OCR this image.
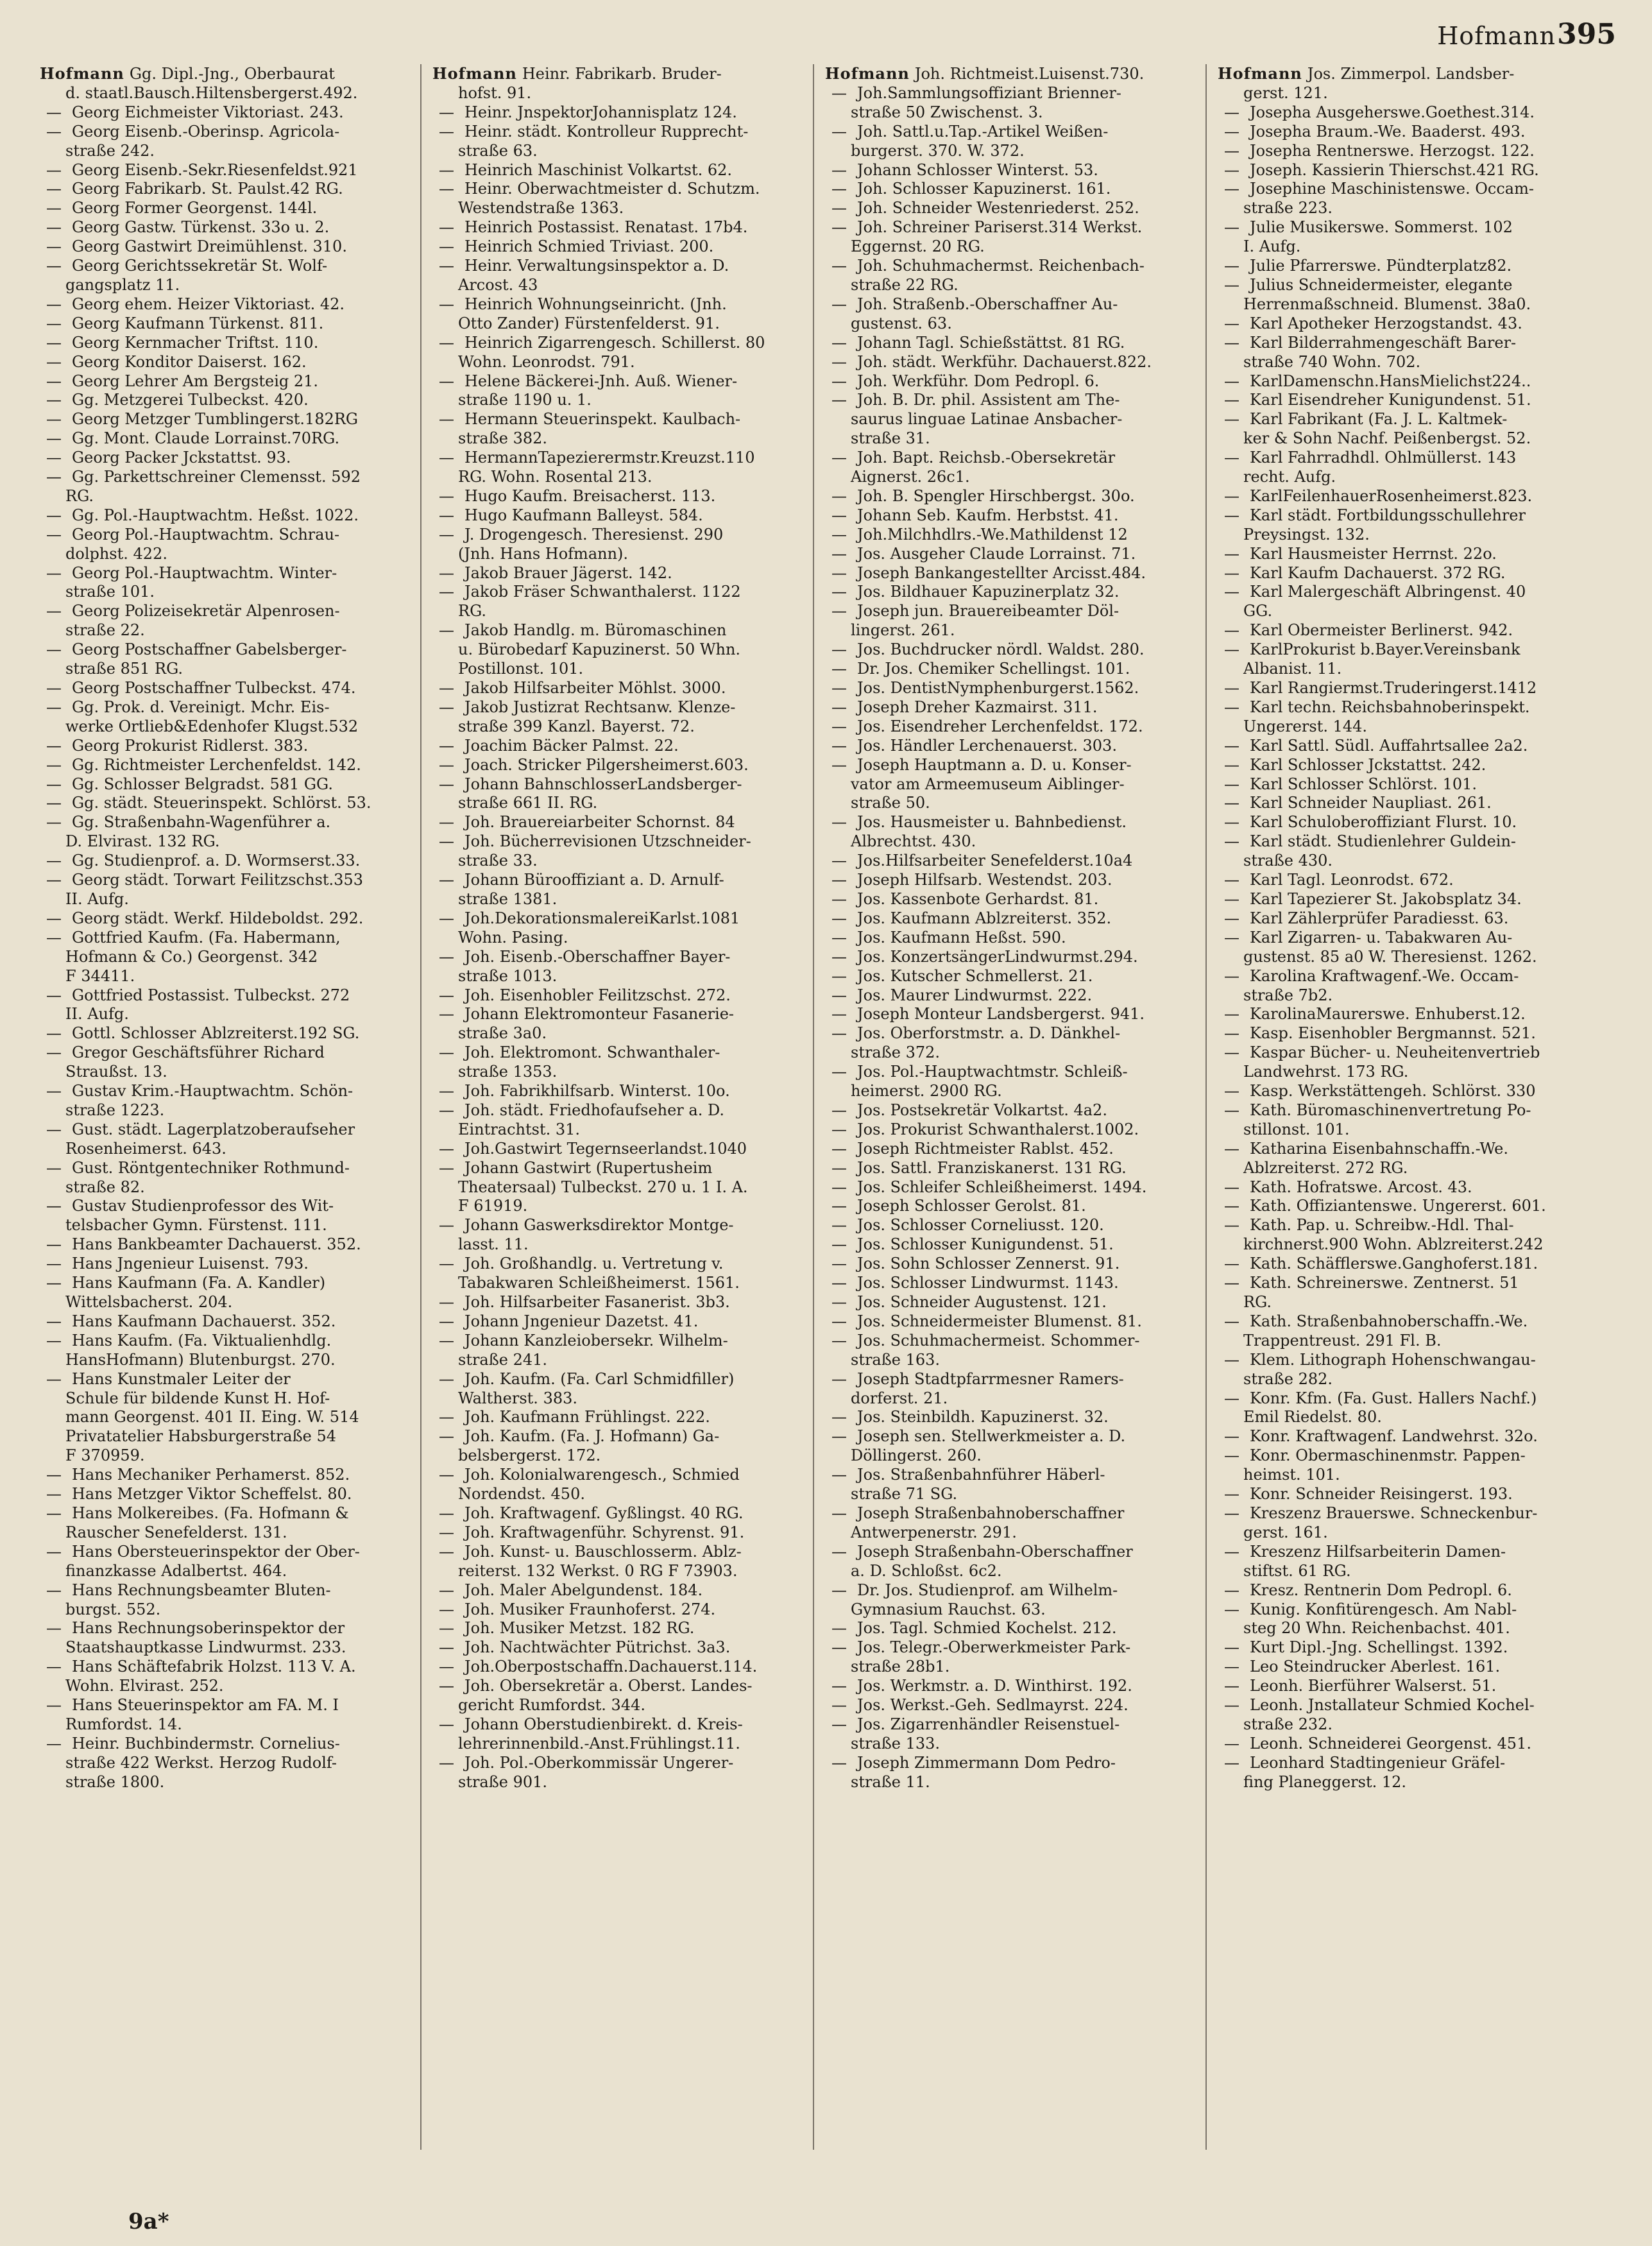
Hofmann 395
Hofmann Gg. Dipl.-Jng., Oberbaurat
d. staatl.Bausch.Hiltensbergerst.492.
— Georg Eichmeister Viktoriast. 243.
— Georg Eisenb.-Oberinsp. Agricola-
straße 242.
— Georg Eisenb.-Sekr.Riesenfeldst.921
— Georg Fabrikarb. St. Paulst.42 RG.
— Georg Former Georgenst. 144l.
— Georg Gastw. Türkenst. 33o u. 2.
— Georg Gastwirt Dreimühlenst. 310.
— Georg Gerichtssekretär St. Wolf-
gangsplatz 11.
— Georg ehem. Heizer Viktoriast. 42.
— Georg Kaufmann Türkenst. 811.
— Georg Kernmacher Triftst. 110.
— Georg Konditor Daiserst. 162.
— Georg Lehrer Am Bergsteig 21.
— Gg. Metzgerei Tulbeckst. 420.
— Georg Metzger Tumblingerst.182RG
— Gg. Mont. Claude Lorrainst.70RG.
— Georg Packer Jckstattst. 93.
— Gg. Parkettschreiner Clemensst. 592
RG.
— Gg. Pol.-Hauptwachtm. Heßst. 1022.
— Georg Pol.-Hauptwachtm. Schrau-
dolphst. 422.
— Georg Pol.-Hauptwachtm. Winter-
straße 101.
— Georg Polizeisekretär Alpenrosen-
straße 22.
— Georg Postschaffner Gabelsberger-
straße 851 RG.
— Georg Postschaffner Tulbeckst. 474.
— Gg. Prok. d. Vereinigt. Mchr. Eis-
werke Ortlieb&Edenhofer Klugst.532
— Georg Prokurist Ridlerst. 383.
— Gg. Richtmeister Lerchenfeldst. 142.
— Gg. Schlosser Belgradst. 581 GG.
— Gg. städt. Steuerinspekt. Schlörst. 53.
— Gg. Straßenbahn-Wagenführer a.
D. Elvirast. 132 RG.
— Gg. Studienprof. a. D. Wormserst.33.
— Georg städt. Torwart Feilitzschst.353
II. Aufg.
— Georg städt. Werkf. Hildeboldst. 292.
— Gottfried Kaufm. (Fa. Habermann,
Hofmann & Co.) Georgenst. 342
F 34411.
— Gottfried Postassist. Tulbeckst. 272
II. Aufg.
— Gottl. Schlosser Ablzreiterst.192 SG.
— Gregor Geschäftsführer Richard
Straußst. 13.
— Gustav Krim.-Hauptwachtm. Schön-
straße 1223.
— Gust. städt. Lagerplatzoberaufseher
Rosenheimerst. 643.
— Gust. Röntgentechniker Rothmund-
straße 82.
— Gustav Studienprofessor des Wit-
telsbacher Gymn. Fürstenst. 111.
— Hans Bankbeamter Dachauerst. 352.
— Hans Jngenieur Luisenst. 793.
— Hans Kaufmann (Fa. A. Kandler)
Wittelsbacherst. 204.
— Hans Kaufmann Dachauerst. 352.
— Hans Kaufm. (Fa. Viktualienhdlg.
HansHofmann) Blutenburgst. 270.
— Hans Kunstmaler Leiter der
Schule für bildende Kunst H. Hof-
mann Georgenst. 401 II. Eing. W. 514
Privatatelier Habsburgerstraße 54
F 370959.
— Hans Mechaniker Perhamerst. 852.
— Hans Metzger Viktor Scheffelst. 80.
— Hans Molkereibes. (Fa. Hofmann &
Rauscher Senefelderst. 131.
— Hans Obersteuerinspektor der Ober-
finanzkasse Adalbertst. 464.
— Hans Rechnungsbeamter Bluten-
burgst. 552.
— Hans Rechnungsoberinspektor der
Staatshauptkasse Lindwurmst. 233.
— Hans Schäftefabrik Holzst. 113 V. A.
Wohn. Elvirast. 252.
— Hans Steuerinspektor am FA. M. I
Rumfordst. 14.
— Heinr. Buchbindermstr. Cornelius-
straße 422 Werkst. Herzog Rudolf-
straße 1800.
Hofmann Heinr. Fabrikarb. Bruder-
hofst. 91.
— Heinr. JnspektorJohannisplatz 124.
— Heinr. städt. Kontrolleur Rupprecht-
straße 63.
— Heinrich Maschinist Volkartst. 62.
— Heinr. Oberwachtmeister d. Schutzm.
Westendstraße 1363.
— Heinrich Postassist. Renatast. 17b4.
— Heinrich Schmied Triviast. 200.
— Heinr. Verwaltungsinspektor a. D.
Arcost. 43
— Heinrich Wohnungseinricht. (Jnh.
Otto Zander) Fürstenfelderst. 91.
— Heinrich Zigarrengesch. Schillerst. 80
Wohn. Leonrodst. 791.
— Helene Bäckerei-Jnh. Auß. Wiener-
straße 1190 u. 1.
— Hermann Steuerinspekt. Kaulbach-
straße 382.
— HermannTapezierermstr.Kreuzst.110
RG. Wohn. Rosental 213.
— Hugo Kaufm. Breisacherst. 113.
— Hugo Kaufmann Balleyst. 584.
— J. Drogengesch. Theresienst. 290
(Jnh. Hans Hofmann).
— Jakob Brauer Jägerst. 142.
— Jakob Fräser Schwanthalerst. 1122
RG.
— Jakob Handlg. m. Büromaschinen
u. Bürobedarf Kapuzinerst. 50 Whn.
Postillonst. 101.
— Jakob Hilfsarbeiter Möhlst. 3000.
— Jakob Justizrat Rechtsanw. Klenze-
straße 399 Kanzl. Bayerst. 72.
— Joachim Bäcker Palmst. 22.
— Joach. Stricker Pilgersheimerst.603.
— Johann BahnschlosserLandsberger-
straße 661 II. RG.
— Joh. Brauereiarbeiter Schornst. 84
— Joh. Bücherrevisionen Utzschneider-
straße 33.
— Johann Bürooffiziant a. D. Arnulf-
straße 1381.
— Joh.DekorationsmalereiKarlst.1081
Wohn. Pasing.
— Joh. Eisenb.-Oberschaffner Bayer-
straße 1013.
— Joh. Eisenhobler Feilitzschst. 272.
— Johann Elektromonteur Fasanerie-
straße 3a0.
— Joh. Elektromont. Schwanthaler-
straße 1353.
— Joh. Fabrikhilfsarb. Winterst. 10o.
— Joh. städt. Friedhofaufseher a. D.
Eintrachtst. 31.
— Joh.Gastwirt Tegernseerlandst.1040
— Johann Gastwirt (Rupertusheim
Theatersaal) Tulbeckst. 270 u. 1 I. A.
F 61919.
— Johann Gaswerksdirektor Montge-
lasst. 11.
— Joh. Großhandlg. u. Vertretung v.
Tabakwaren Schleißheimerst. 1561.
— Joh. Hilfsarbeiter Fasanerist. 3b3.
— Johann Jngenieur Dazetst. 41.
— Johann Kanzleiobersekr. Wilhelm-
straße 241.
— Joh. Kaufm. (Fa. Carl Schmidfiller)
Waltherst. 383.
— Joh. Kaufmann Frühlingst. 222.
— Joh. Kaufm. (Fa. J. Hofmann) Ga-
belsbergerst. 172.
— Joh. Kolonialwarengesch., Schmied
Nordendst. 450.
— Joh. Kraftwagenf. Gyßlingst. 40 RG.
— Joh. Kraftwagenführ. Schyrenst. 91.
— Joh. Kunst- u. Bauschlosserm. Ablz-
reiterst. 132 Werkst. 0 RG F 73903.
— Joh. Maler Abelgundenst. 184.
— Joh. Musiker Fraunhoferst. 274.
— Joh. Musiker Metzst. 182 RG.
— Joh. Nachtwächter Pütrichst. 3a3.
— Joh.Oberpostschaffn.Dachauerst.114.
— Joh. Obersekretär a. Oberst. Landes-
gericht Rumfordst. 344.
— Johann Oberstudienbirekt. d. Kreis-
lehrerinnenbild.-Anst.Frühlingst.11.
— Joh. Pol.-Oberkommissär Ungerer-
straße 901.
Hofmann Joh. Richtmeist.Luisenst.730.
— Joh.Sammlungsoffiziant Brienner-
straße 50 Zwischenst. 3.
— Joh. Sattl.u.Tap.-Artikel Weißen-
burgerst. 370. W. 372.
— Johann Schlosser Winterst. 53.
— Joh. Schlosser Kapuzinerst. 161.
— Joh. Schneider Westenriederst. 252.
— Joh. Schreiner Pariserst.314 Werkst.
Eggernst. 20 RG.
— Joh. Schuhmachermst. Reichenbach-
straße 22 RG.
— Joh. Straßenb.-Oberschaffner Au-
gustenst. 63.
— Johann Tagl. Schießstättst. 81 RG.
— Joh. städt. Werkführ. Dachauerst.822.
— Joh. Werkführ. Dom Pedropl. 6.
— Joh. B. Dr. phil. Assistent am The-
saurus linguae Latinae Ansbacher-
straße 31.
— Joh. Bapt. Reichsb.-Obersekretär
Aignerst. 26c1.
— Joh. B. Spengler Hirschbergst. 30o.
— Johann Seb. Kaufm. Herbstst. 41.
— Joh.Milchhdlrs.-We.Mathildenst 12
— Jos. Ausgeher Claude Lorrainst. 71.
— Joseph Bankangestellter Arcisst.484.
— Jos. Bildhauer Kapuzinerplatz 32.
— Joseph jun. Brauereibeamter Döl-
lingerst. 261.
— Jos. Buchdrucker nördl. Waldst. 280.
— Dr. Jos. Chemiker Schellingst. 101.
— Jos. DentistNymphenburgerst.1562.
— Joseph Dreher Kazmairst. 311.
— Jos. Eisendreher Lerchenfeldst. 172.
— Jos. Händler Lerchenauerst. 303.
— Joseph Hauptmann a. D. u. Konser-
vator am Armeemuseum Aiblinger-
straße 50.
— Jos. Hausmeister u. Bahnbedienst.
Albrechtst. 430.
— Jos.Hilfsarbeiter Senefelderst.10a4
— Joseph Hilfsarb. Westendst. 203.
— Jos. Kassenbote Gerhardst. 81.
— Jos. Kaufmann Ablzreiterst. 352.
— Jos. Kaufmann Heßst. 590.
— Jos. KonzertsängerLindwurmst.294.
— Jos. Kutscher Schmellerst. 21.
— Jos. Maurer Lindwurmst. 222.
— Joseph Monteur Landsbergerst. 941.
— Jos. Oberforstmstr. a. D. Dänkhel-
straße 372.
— Jos. Pol.-Hauptwachtmstr. Schleiß-
heimerst. 2900 RG.
— Jos. Postsekretär Volkartst. 4a2.
— Jos. Prokurist Schwanthalerst.1002.
— Joseph Richtmeister Rablst. 452.
— Jos. Sattl. Franziskanerst. 131 RG.
— Jos. Schleifer Schleißheimerst. 1494.
— Joseph Schlosser Gerolst. 81.
— Jos. Schlosser Corneliusst. 120.
— Jos. Schlosser Kunigundenst. 51.
— Jos. Sohn Schlosser Zennerst. 91.
— Jos. Schlosser Lindwurmst. 1143.
— Jos. Schneider Augustenst. 121.
— Jos. Schneidermeister Blumenst. 81.
— Jos. Schuhmachermeist. Schommer-
straße 163.
— Joseph Stadtpfarrmesner Ramers-
dorferst. 21.
— Jos. Steinbildh. Kapuzinerst. 32.
— Joseph sen. Stellwerkmeister a. D.
Döllingerst. 260.
— Jos. Straßenbahnführer Häberl-
straße 71 SG.
— Joseph Straßenbahnoberschaffner
Antwerpenerstr. 291.
— Joseph Straßenbahn-Oberschaffner
a. D. Schloßst. 6c2.
— Dr. Jos. Studienprof. am Wilhelm-
Gymnasium Rauchst. 63.
— Jos. Tagl. Schmied Kochelst. 212.
— Jos. Telegr.-Oberwerkmeister Park-
straße 28b1.
— Jos. Werkmstr. a. D. Winthirst. 192.
— Jos. Werkst.-Geh. Sedlmayrst. 224.
— Jos. Zigarrenhändler Reisenstuel-
straße 133.
— Joseph Zimmermann Dom Pedro-
straße 11.
Hofmann Jos. Zimmerpol. Landsber-
gerst. 121.
— Josepha Ausgeherswe.Goethest.314.
— Josepha Braum.-We. Baaderst. 493.
— Josepha Rentnerswe. Herzogst. 122.
— Joseph. Kassierin Thierschst.421 RG.
— Josephine Maschinistenswe. Occam-
straße 223.
— Julie Musikerswe. Sommerst. 102
I. Aufg.
— Julie Pfarrerswe. Pündterplatz82.
— Julius Schneidermeister, elegante
Herrenmaßschneid. Blumenst. 38a0.
— Karl Apotheker Herzogstandst. 43.
— Karl Bilderrahmengeschäft Barer-
straße 740 Wohn. 702.
— KarlDamenschn.HansMielichst224..
— Karl Eisendreher Kunigundenst. 51.
— Karl Fabrikant (Fa. J. L. Kaltmek-
ker & Sohn Nachf. Peißenbergst. 52.
— Karl Fahrradhdl. Ohlmüllerst. 143
recht. Aufg.
— KarlFeilenhauerRosenheimerst.823.
— Karl städt. Fortbildungsschullehrer
Preysingst. 132.
— Karl Hausmeister Herrnst. 22o.
— Karl Kaufm Dachauerst. 372 RG.
— Karl Malergeschäft Albringenst. 40
GG.
— Karl Obermeister Berlinerst. 942.
— KarlProkurist b.Bayer.Vereinsbank
Albanist. 11.
— Karl Rangiermst.Truderingerst.1412
— Karl techn. Reichsbahnoberinspekt.
Ungererst. 144.
— Karl Sattl. Südl. Auffahrtsallee 2a2.
— Karl Schlosser Jckstattst. 242.
— Karl Schlosser Schlörst. 101.
— Karl Schneider Naupliast. 261.
— Karl Schuloberoffiziant Flurst. 10.
— Karl städt. Studienlehrer Guldein-
straße 430.
— Karl Tagl. Leonrodst. 672.
— Karl Tapezierer St. Jakobsplatz 34.
— Karl Zählerprüfer Paradiesst. 63.
— Karl Zigarren- u. Tabakwaren Au-
gustenst. 85 a0 W. Theresienst. 1262.
— Karolina Kraftwagenf.-We. Occam-
straße 7b2.
— KarolinaMaurerswe. Enhuberst.12.
— Kasp. Eisenhobler Bergmannst. 521.
— Kaspar Bücher- u. Neuheitenvertrieb
Landwehrst. 173 RG.
— Kasp. Werkstättengeh. Schlörst. 330
— Kath. Büromaschinenvertretung Po-
stillonst. 101.
— Katharina Eisenbahnschaffn.-We.
Ablzreiterst. 272 RG.
— Kath. Hofratswe. Arcost. 43.
— Kath. Offiziantenswe. Ungererst. 601.
— Kath. Pap. u. Schreibw.-Hdl. Thal-
kirchnerst.900 Wohn. Ablzreiterst.242
— Kath. Schäfflerswe.Ganghoferst.181.
— Kath. Schreinerswe. Zentnerst. 51
RG.
— Kath. Straßenbahnoberschaffn.-We.
Trappentreust. 291 Fl. B.
— Klem. Lithograph Hohenschwangau-
straße 282.
— Konr. Kfm. (Fa. Gust. Hallers Nachf.)
Emil Riedelst. 80.
— Konr. Kraftwagenf. Landwehrst. 32o.
— Konr. Obermaschinenmstr. Pappen-
heimst. 101.
— Konr. Schneider Reisingerst. 193.
— Kreszenz Brauerswe. Schneckenbur-
gerst. 161.
— Kreszenz Hilfsarbeiterin Damen-
stiftst. 61 RG.
— Kresz. Rentnerin Dom Pedropl. 6.
— Kunig. Konfitürengesch. Am Nabl-
steg 20 Whn. Reichenbachst. 401.
— Kurt Dipl.-Jng. Schellingst. 1392.
— Leo Steindrucker Aberlest. 161.
— Leonh. Bierführer Walserst. 51.
— Leonh. Jnstallateur Schmied Kochel-
straße 232.
— Leonh. Schneiderei Georgenst. 451.
— Leonhard Stadtingenieur Gräfel-
fing Planeggerst. 12.
9a*
